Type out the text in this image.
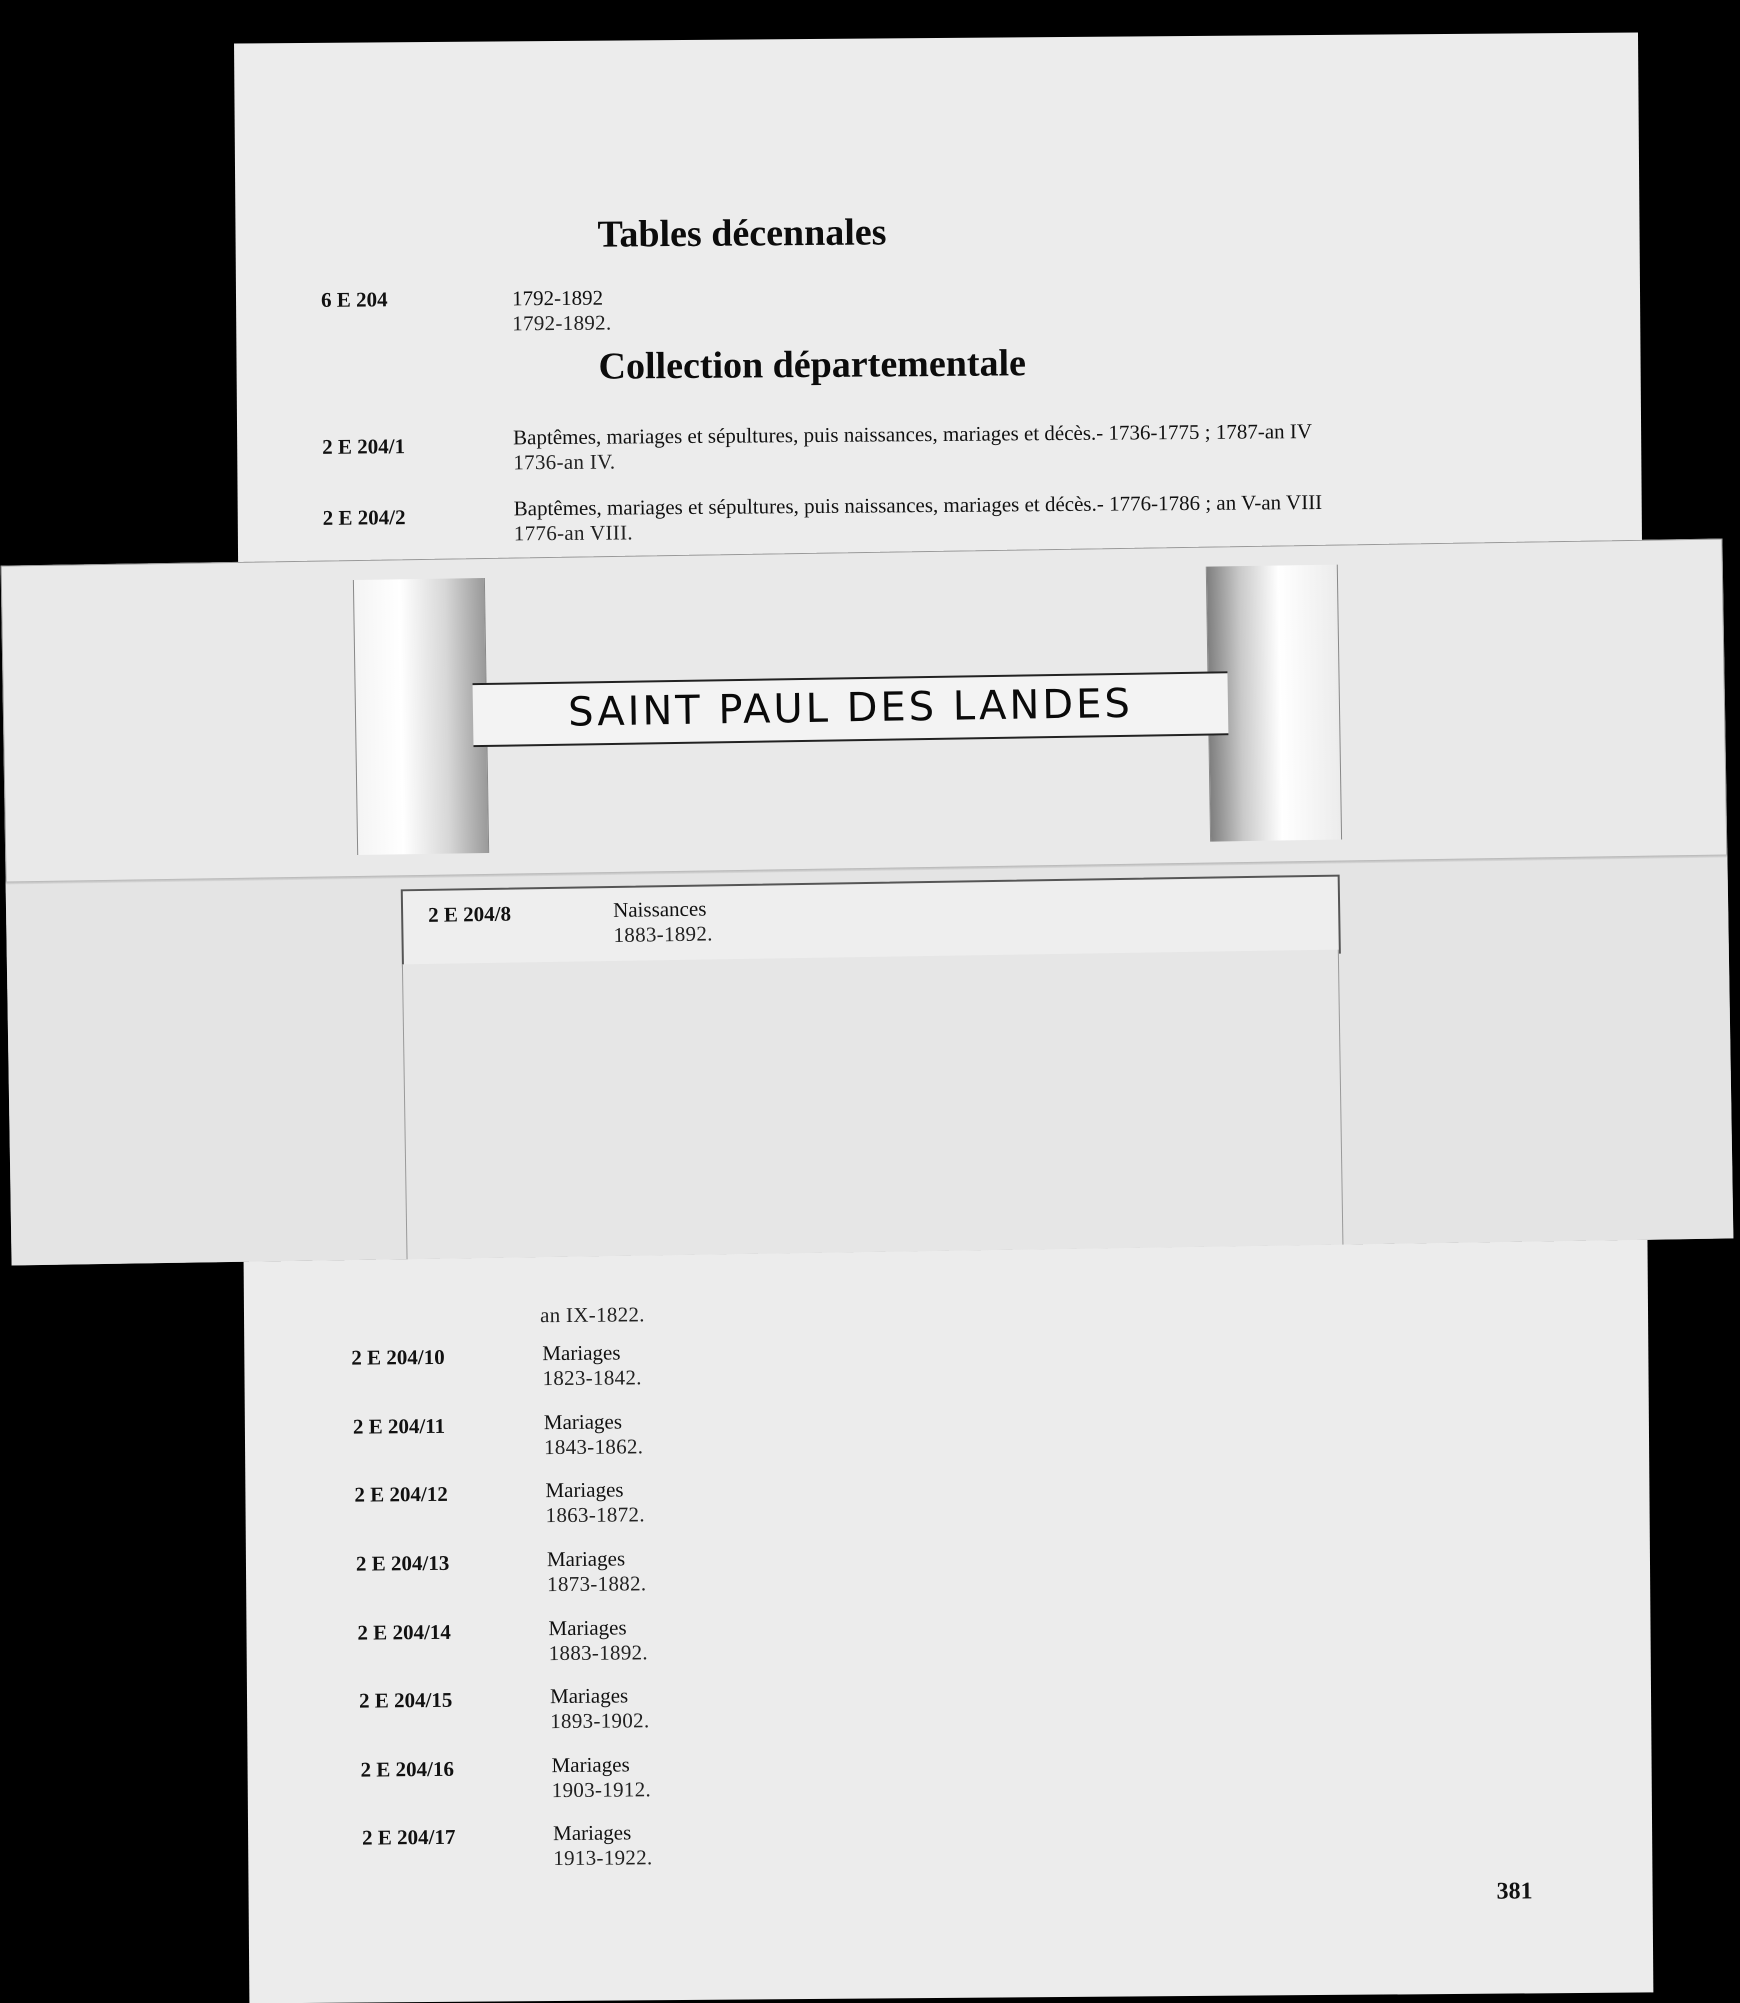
Tables décennales
6 E 204	1792-1892
1792-1892.
Collection départementale
2 E 204/1	Baptêmes, mariages et sépultures, puis naissances, mariages et décès.- 1736-1775 ; 1787-an IV
1736-an IV.
2 E 204/2	Baptêmes, mariages et sépultures, puis naissances, mariages et décès.- 1776-1786 ; an V-an VIII
1776-an VIII.
an IX-1822.
2 E 204/10	Mariages
1823-1842.
2 E 204/11	Mariages
1843-1862.
2 E 204/12	Mariages
1863-1872.
2 E 204/13	Mariages
1873-1882.
2 E 204/14	Mariages
1883-1892.
2 E 204/15	Mariages
1893-1902.
2 E 204/16	Mariages
1903-1912.
2 E 204/17	Mariages
1913-1922.
381
SAINT PAUL DES LANDES
2 E 204/8	Naissances
1883-1892.
